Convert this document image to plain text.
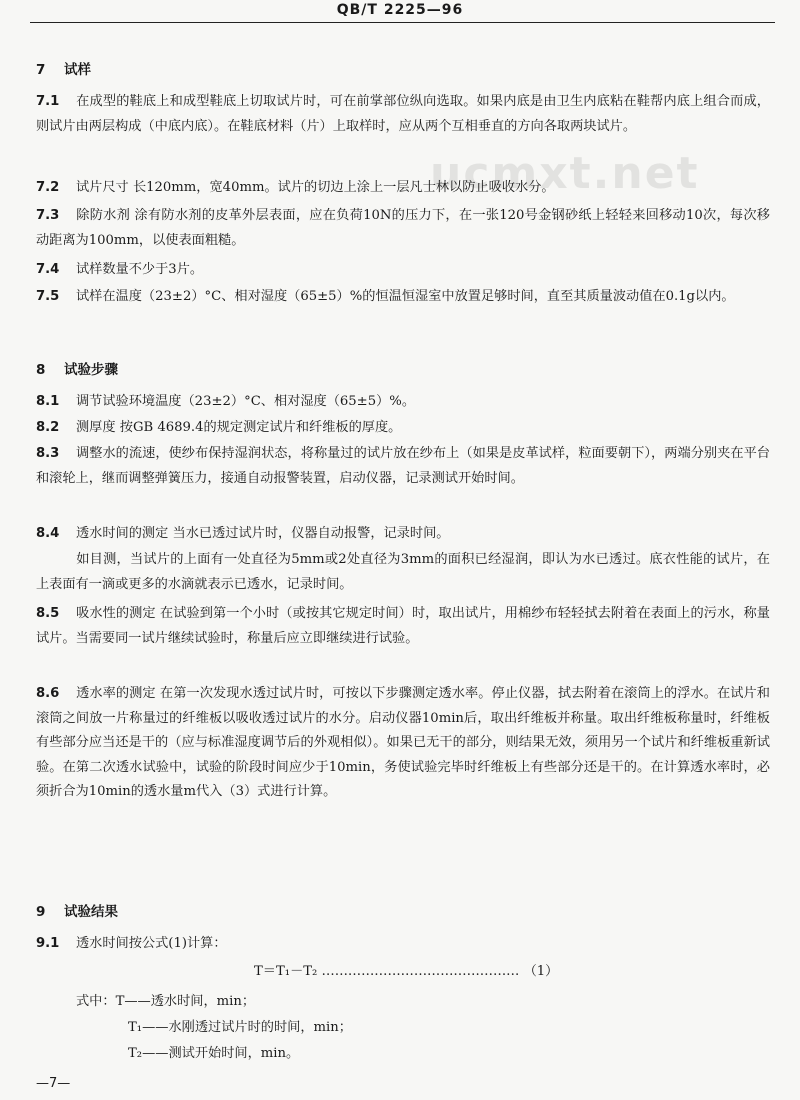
QB/T 2225—96
ucmxt.net
7 试样
7.1 在成型的鞋底上和成型鞋底上切取试片时，可在前掌部位纵向选取。如果内底是由卫生内底粘在鞋帮内底上组合而成，则试片由两层构成（中底内底）。在鞋底材料（片）上取样时，应从两个互相垂直的方向各取两块试片。
7.2 试片尺寸 长120mm，宽40mm。试片的切边上涂上一层凡士林以防止吸收水分。
7.3 除防水剂 涂有防水剂的皮革外层表面，应在负荷10N的压力下，在一张120号金钢砂纸上轻轻来回移动10次，每次移动距离为100mm，以使表面粗糙。
7.4 试样数量不少于3片。
7.5 试样在温度（23±2）°C、相对湿度（65±5）%的恒温恒湿室中放置足够时间，直至其质量波动值在0.1g以内。
8 试验步骤
8.1 调节试验环境温度（23±2）°C、相对湿度（65±5）%。
8.2 测厚度 按GB 4689.4的规定测定试片和纤维板的厚度。
8.3 调整水的流速，使纱布保持湿润状态，将称量过的试片放在纱布上（如果是皮革试样，粒面要朝下），两端分别夹在平台和滚轮上，继而调整弹簧压力，接通自动报警装置，启动仪器，记录测试开始时间。
8.4 透水时间的测定 当水已透过试片时，仪器自动报警，记录时间。
如目测，当试片的上面有一处直径为5mm或2处直径为3mm的面积已经湿润，即认为水已透过。底衣性能的试片，在上表面有一滴或更多的水滴就表示已透水，记录时间。
8.5 吸水性的测定 在试验到第一个小时（或按其它规定时间）时，取出试片，用棉纱布轻轻拭去附着在表面上的污水，称量试片。当需要同一试片继续试验时，称量后应立即继续进行试验。
8.6 透水率的测定 在第一次发现水透过试片时，可按以下步骤测定透水率。停止仪器，拭去附着在滚筒上的浮水。在试片和滚筒之间放一片称量过的纤维板以吸收透过试片的水分。启动仪器10min后，取出纤维板并称量。取出纤维板称量时，纤维板有些部分应当还是干的（应与标准湿度调节后的外观相似）。如果已无干的部分，则结果无效，须用另一个试片和纤维板重新试验。在第二次透水试验中，试验的阶段时间应少于10min，务使试验完毕时纤维板上有些部分还是干的。在计算透水率时，必须折合为10min的透水量m代入（3）式进行计算。
9 试验结果
9.1 透水时间按公式(1)计算：
T＝T₁－T₂ ……………………………………… （1）
式中：T——透水时间，min；
T₁——水刚透过试片时的时间，min；
T₂——测试开始时间，min。
—7—
